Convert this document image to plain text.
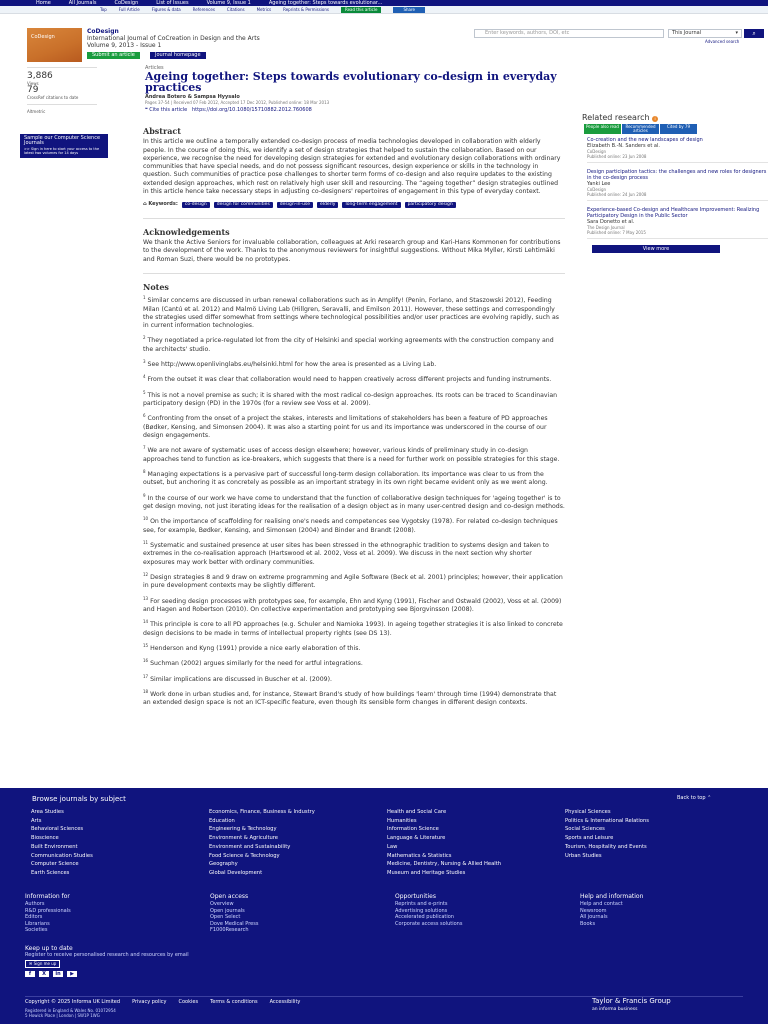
Home	All Journals	CoDesign	List of Issues	Volume 9, Issue 1	Ageing together: Steps towards evolutionar...
Top	Full Article	Figures & data	References	Citations	Metrics	Reprints & Permissions	Read this article	Share
CoDesign
CoDesign
International Journal of CoCreation in Design and the Arts
Volume 9, 2013 - Issue 1
Submit an article	Journal homepage
Enter keywords, authors, DOI, etc	This Journal	▾	⌕
Advanced search
3,886
Views
79
CrossRef citations to date
Altmetric
Articles
Ageing together: Steps towards evolutionary co-design in everyday practices
Andrea Botero & Sampsa Hyysalo
Pages 37-54 | Received 07 Feb 2012, Accepted 17 Dec 2012, Published online: 18 Mar 2013
❝ Cite this article https://doi.org/10.1080/15710882.2012.760608
Sample our Computer Science Journals
>> Sign in here to start your access to the latest two volumes for 14 days
Abstract

In this article we outline a temporally extended co-design process of media technologies developed in collaboration with elderly people. In the course of doing this, we identify a set of design strategies that helped to sustain the collaboration. Based on our experience, we recognise the need for developing design strategies for extended and evolutionary design collaborations with ordinary communities that have special needs, and do not possess significant resources, design experience or skills in the technology in question. Such communities of practice pose challenges to shorter term forms of co-design and also require updates to the existing extended design approaches, which rest on relatively high user skill and resourcing. The “ageing together” design strategies outlined in this article hence take necessary steps in adjusting co-designers' repertoires of engagement in this type of everyday context.

⌂ Keywords:	co-design	design for communities	design-in-use	elderly	long-term engagement	participatory design
Acknowledgements

We thank the Active Seniors for invaluable collaboration, colleagues at Arki research group and Kari-Hans Kommonen for contributions to the development of the work. Thanks to the anonymous reviewers for insightful suggestions. Without Mika Myller, Kirsti Lehtimäki and Roman Suzi, there would be no prototypes.

Notes

$^1$ Similar concerns are discussed in urban renewal collaborations such as in Amplify! (Penin, Forlano, and Staszowski 2012), Feeding Milan (Cantú et al. 2012) and Malmö Living Lab (Hillgren, Seravalli, and Emilson 2011). However, these settings and correspondingly the strategies used differ somewhat from settings where technological possibilities and/or user practices are evolving rapidly, such as in current information technologies.

$^2$ They negotiated a price-regulated lot from the city of Helsinki and special working agreements with the construction company and the architects' studio.

$^3$ See http://www.openlivinglabs.eu/helsinki.html for how the area is presented as a Living Lab.

$^4$ From the outset it was clear that collaboration would need to happen creatively across different projects and funding instruments.

$^5$ This is not a novel premise as such; it is shared with the most radical co-design approaches. Its roots can be traced to Scandinavian participatory design (PD) in the 1970s (for a review see Voss et al. 2009).

$^6$ Confronting from the onset of a project the stakes, interests and limitations of stakeholders has been a feature of PD approaches (Bødker, Kensing, and Simonsen 2004). It was also a starting point for us and its importance was underscored in the course of our design engagements.

$^7$ We are not aware of systematic uses of access design elsewhere; however, various kinds of preliminary study in co-design approaches tend to function as ice-breakers, which suggests that there is a need for further work on possible strategies for this stage.

$^8$ Managing expectations is a pervasive part of successful long-term design collaboration. Its importance was clear to us from the outset, but anchoring it as concretely as possible as an important strategy in its own right became evident only as we went along.

$^9$ In the course of our work we have come to understand that the function of collaborative design techniques for 'ageing together' is to get design moving, not just iterating ideas for the realisation of a design object as in many user-centred design and co-design methods.

$^{10}$ On the importance of scaffolding for realising one's needs and competences see Vygotsky (1978). For related co-design techniques see, for example, Bødker, Kensing, and Simonsen (2004) and Binder and Brandt (2008).

$^{11}$ Systematic and sustained presence at user sites has been stressed in the ethnographic tradition to systems design and taken to extremes in the co-realisation approach (Hartswood et al. 2002, Voss et al. 2009). We discuss in the next section why shorter exposures may work better with ordinary communities.

$^{12}$ Design strategies 8 and 9 draw on extreme programming and Agile Software (Beck et al. 2001) principles; however, their application in pure development contexts may be slightly different.

$^{13}$ For seeding design processes with prototypes see, for example, Ehn and Kyng (1991), Fischer and Ostwald (2002), Voss et al. (2009) and Hagen and Robertson (2010). On collective experimentation and prototyping see Bjorgvinsson (2008).

$^{14}$ This principle is core to all PD approaches (e.g. Schuler and Namioka 1993). In ageing together strategies it is also linked to concrete design decisions to be made in terms of intellectual property rights (see DS 13).

$^{15}$ Henderson and Kyng (1991) provide a nice early elaboration of this.

$^{16}$ Suchman (2002) argues similarly for the need for artful integrations.

$^{17}$ Similar implications are discussed in Buscher et al. (2009).

$^{18}$ Work done in urban studies and, for instance, Stewart Brand's study of how buildings 'learn' through time (1994) demonstrate that an extended design space is not an ICT-specific feature, even though its sensible form changes in different design contexts.

Related research i
People also read	Recommended articles
Cited by 79
Co-creation and the new landscapes of design
Elizabeth B.-N. Sanders et al.
CoDesign
Published online: 23 Jun 2008
Design participation tactics: the challenges and new roles for designers in the co-design process
Yanki Lee
CoDesign
Published online: 24 Jun 2008
Experience-based Co-design and Healthcare Improvement: Realizing Participatory Design in the Public Sector
Sara Donetto et al.
The Design Journal
Published online: 7 May 2015
View more
Browse journals by subject	Back to top ⌃
Area Studies
Arts
Behavioral Sciences
Bioscience
Built Environment
Communication Studies
Computer Science
Earth Sciences
Economics, Finance, Business & Industry
Education
Engineering & Technology
Environment & Agriculture
Environment and Sustainability
Food Science & Technology
Geography
Global Development
Health and Social Care
Humanities
Information Science
Language & Literature
Law
Mathematics & Statistics
Medicine, Dentistry, Nursing & Allied Health
Museum and Heritage Studies
Physical Sciences
Politics & International Relations
Social Sciences
Sports and Leisure
Tourism, Hospitality and Events
Urban Studies
Information for
Authors
R&D professionals
Editors
Librarians
Societies
Open access
Overview
Open journals
Open Select
Dove Medical Press
F1000Research
Opportunities
Reprints and e-prints
Advertising solutions
Accelerated publication
Corporate access solutions
Help and information
Help and contact
Newsroom
All journals
Books
Keep up to date
Register to receive personalised research and resources by email
✉ Sign me up
f	X	in	▶
Copyright © 2025 Informa UK Limited Privacy policy Cookies Terms & conditions Accessibility
Registered in England & Wales No. 01072954
5 Howick Place | London | SW1P 1WG
Taylor & Francis Group
an informa business
